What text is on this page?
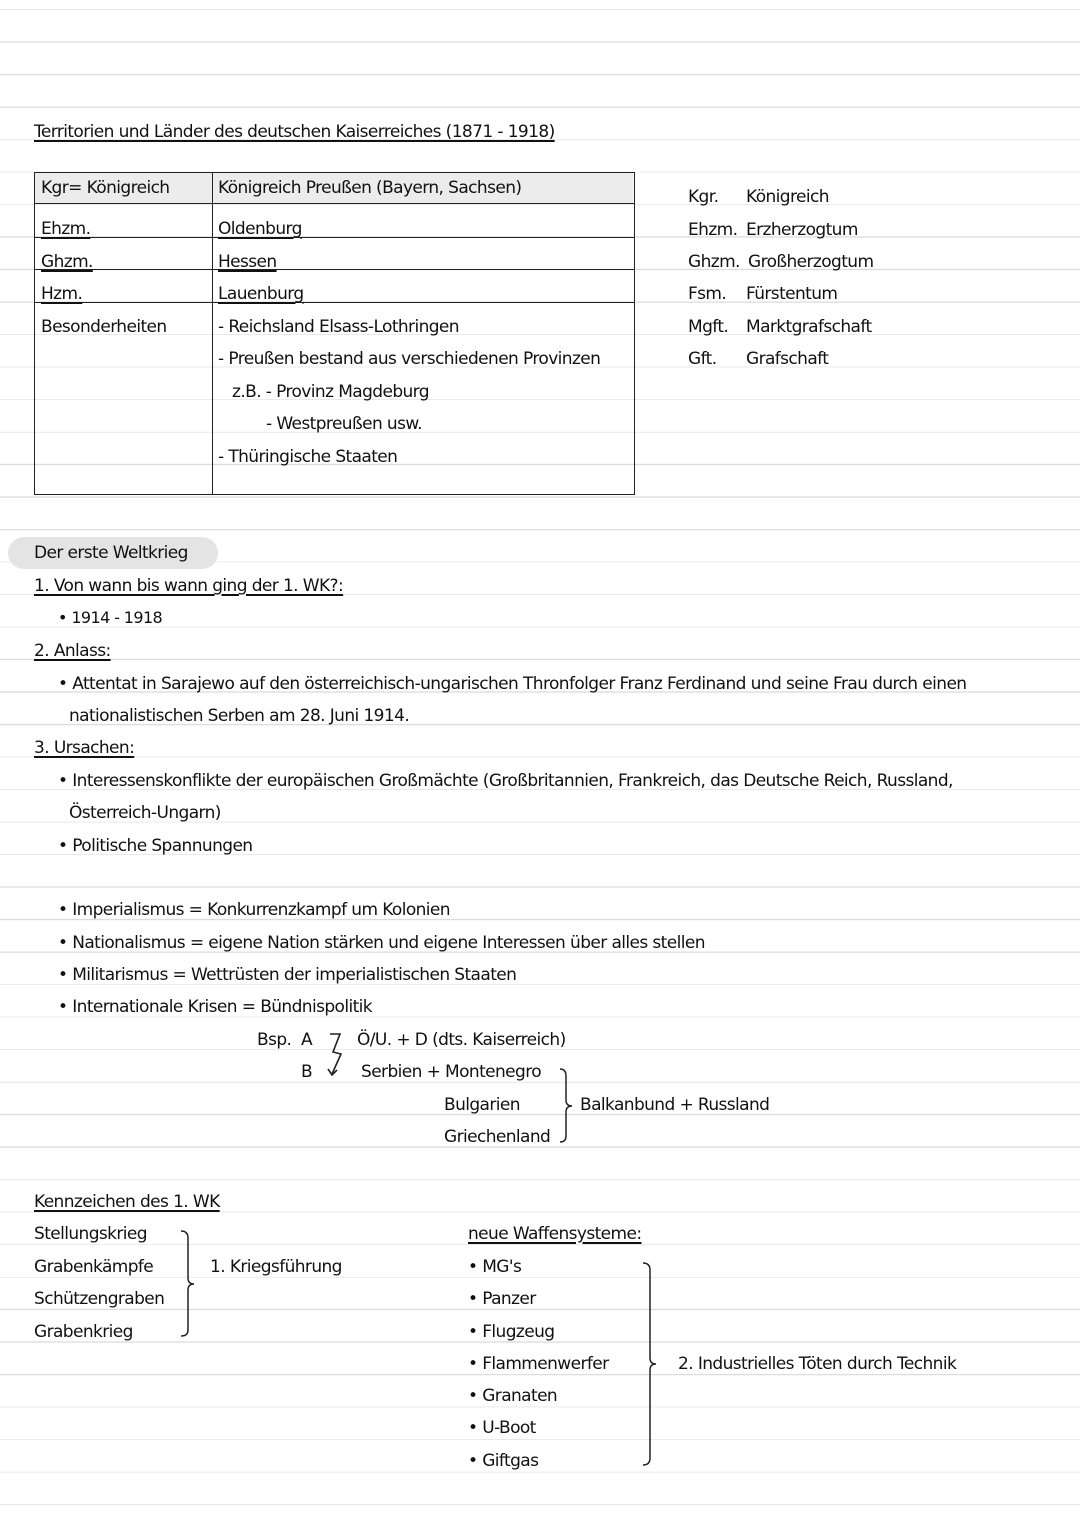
Territorien und Länder des deutschen Kaiserreiches (1871 - 1918)
Kgr= Königreich	Königreich Preußen (Bayern, Sachsen)
Ehzm.	Oldenburg
Ghzm.	Hessen
Hzm.	Lauenburg
Besonderheiten	- Reichsland Elsass-Lothringen
- Preußen bestand aus verschiedenen Provinzen
z.B. - Provinz Magdeburg
- Westpreußen usw.
- Thüringische Staaten
Kgr. Königreich
Ehzm. Erzherzogtum
Ghzm. Großherzogtum
Fsm. Fürstentum
Mgft. Marktgrafschaft
Gft. Grafschaft
Der erste Weltkrieg
1. Von wann bis wann ging der 1. WK?:
• 1914 - 1918
2. Anlass:
• Attentat in Sarajewo auf den österreichisch-ungarischen Thronfolger Franz Ferdinand und seine Frau durch einen
nationalistischen Serben am 28. Juni 1914.
3. Ursachen:
• Interessenskonflikte der europäischen Großmächte (Großbritannien, Frankreich, das Deutsche Reich, Russland,
Österreich-Ungarn)
• Politische Spannungen
• Imperialismus = Konkurrenzkampf um Kolonien
• Nationalismus = eigene Nation stärken und eigene Interessen über alles stellen
• Militarismus = Wettrüsten der imperialistischen Staaten
• Internationale Krisen = Bündnispolitik
Bsp. A
B
Ö/U. + D (dts. Kaiserreich)
Serbien + Montenegro
Bulgarien
Griechenland
Balkanbund + Russland
Kennzeichen des 1. WK
Stellungskrieg
Grabenkämpfe
Schützengraben
Grabenkrieg
1. Kriegsführung
neue Waffensysteme:
• MG's
• Panzer
• Flugzeug
• Flammenwerfer
• Granaten
• U-Boot
• Giftgas
2. Industrielles Töten durch Technik
